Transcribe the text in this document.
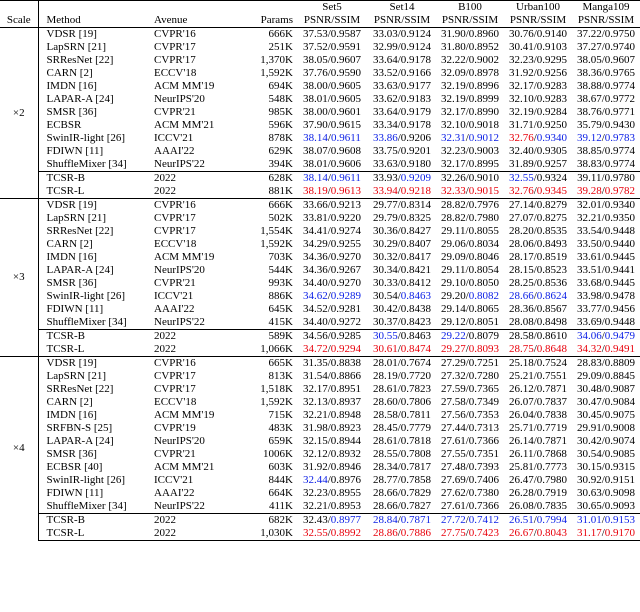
Scale	Method	Avenue	Params	Set5	Set14	B100	Urban100	Manga109
				PSNR/SSIM	PSNR/SSIM	PSNR/SSIM	PSNR/SSIM	PSNR/SSIM
×2	VDSR [19]	CVPR'16	666K	37.53/0.9587	33.03/0.9124	31.90/0.8960	30.76/0.9140	37.22/0.9750
	LapSRN [21]	CVPR'17	251K	37.52/0.9591	32.99/0.9124	31.80/0.8952	30.41/0.9103	37.27/0.9740
	SRResNet [22]	CVPR'17	1,370K	38.05/0.9607	33.64/0.9178	32.22/0.9002	32.23/0.9295	38.05/0.9607
	CARN [2]	ECCV'18	1,592K	37.76/0.9590	33.52/0.9166	32.09/0.8978	31.92/0.9256	38.36/0.9765
	IMDN [16]	ACM MM'19	694K	38.00/0.9605	33.63/0.9177	32.19/0.8996	32.17/0.9283	38.88/0.9774
	LAPAR-A [24]	NeurIPS'20	548K	38.01/0.9605	33.62/0.9183	32.19/0.8999	32.10/0.9283	38.67/0.9772
	SMSR [36]	CVPR'21	985K	38.00/0.9601	33.64/0.9179	32.17/0.8990	32.19/0.9284	38.76/0.9771
	ECBSR	ACM MM'21	596K	37.90/0.9615	33.34/0.9178	32.10/0.9018	31.71/0.9250	35.79/0.9430
	SwinIR-light [26]	ICCV'21	878K	38.14/0.9611	33.86/0.9206	32.31/0.9012	32.76/0.9340	39.12/0.9783
	FDIWN [11]	AAAI'22	629K	38.07/0.9608	33.75/0.9201	32.23/0.9003	32.40/0.9305	38.85/0.9774
	ShuffleMixer [34]	NeurIPS'22	394K	38.01/0.9606	33.63/0.9180	32.17/0.8995	31.89/0.9257	38.83/0.9774
	TCSR-B	2022	628K	38.14/0.9611	33.93/0.9209	32.26/0.9010	32.55/0.9324	39.11/0.9780
	TCSR-L	2022	881K	38.19/0.9613	33.94/0.9218	32.33/0.9015	32.76/0.9345	39.28/0.9782
×3	VDSR [19]	CVPR'16	666K	33.66/0.9213	29.77/0.8314	28.82/0.7976	27.14/0.8279	32.01/0.9340
	LapSRN [21]	CVPR'17	502K	33.81/0.9220	29.79/0.8325	28.82/0.7980	27.07/0.8275	32.21/0.9350
	SRResNet [22]	CVPR'17	1,554K	34.41/0.9274	30.36/0.8427	29.11/0.8055	28.20/0.8535	33.54/0.9448
	CARN [2]	ECCV'18	1,592K	34.29/0.9255	30.29/0.8407	29.06/0.8034	28.06/0.8493	33.50/0.9440
	IMDN [16]	ACM MM'19	703K	34.36/0.9270	30.32/0.8417	29.09/0.8046	28.17/0.8519	33.61/0.9445
	LAPAR-A [24]	NeurIPS'20	544K	34.36/0.9267	30.34/0.8421	29.11/0.8054	28.15/0.8523	33.51/0.9441
	SMSR [36]	CVPR'21	993K	34.40/0.9270	30.33/0.8412	29.10/0.8050	28.25/0.8536	33.68/0.9445
	SwinIR-light [26]	ICCV'21	886K	34.62/0.9289	30.54/0.8463	29.20/0.8082	28.66/0.8624	33.98/0.9478
	FDIWN [11]	AAAI'22	645K	34.52/0.9281	30.42/0.8438	29.14/0.8065	28.36/0.8567	33.77/0.9456
	ShuffleMixer [34]	NeurIPS'22	415K	34.40/0.9272	30.37/0.8423	29.12/0.8051	28.08/0.8498	33.69/0.9448
	TCSR-B	2022	589K	34.56/0.9285	30.55/0.8463	29.22/0.8079	28.58/0.8610	34.06/0.9479
	TCSR-L	2022	1,066K	34.72/0.9294	30.61/0.8474	29.27/0.8093	28.75/0.8648	34.32/0.9491
×4	VDSR [19]	CVPR'16	665K	31.35/0.8838	28.01/0.7674	27.29/0.7251	25.18/0.7524	28.83/0.8809
	LapSRN [21]	CVPR'17	813K	31.54/0.8866	28.19/0.7720	27.32/0.7280	25.21/0.7551	29.09/0.8845
	SRResNet [22]	CVPR'17	1,518K	32.17/0.8951	28.61/0.7823	27.59/0.7365	26.12/0.7871	30.48/0.9087
	CARN [2]	ECCV'18	1,592K	32.13/0.8937	28.60/0.7806	27.58/0.7349	26.07/0.7837	30.47/0.9084
	IMDN [16]	ACM MM'19	715K	32.21/0.8948	28.58/0.7811	27.56/0.7353	26.04/0.7838	30.45/0.9075
	SRFBN-S [25]	CVPR'19	483K	31.98/0.8923	28.45/0.7779	27.44/0.7313	25.71/0.7719	29.91/0.9008
	LAPAR-A [24]	NeurIPS'20	659K	32.15/0.8944	28.61/0.7818	27.61/0.7366	26.14/0.7871	30.42/0.9074
	SMSR [36]	CVPR'21	1006K	32.12/0.8932	28.55/0.7808	27.55/0.7351	26.11/0.7868	30.54/0.9085
	ECBSR [40]	ACM MM'21	603K	31.92/0.8946	28.34/0.7817	27.48/0.7393	25.81/0.7773	30.15/0.9315
	SwinIR-light [26]	ICCV'21	844K	32.44/0.8976	28.77/0.7858	27.69/0.7406	26.47/0.7980	30.92/0.9151
	FDIWN [11]	AAAI'22	664K	32.23/0.8955	28.66/0.7829	27.62/0.7380	26.28/0.7919	30.63/0.9098
	ShuffleMixer [34]	NeurIPS'22	411K	32.21/0.8953	28.66/0.7827	27.61/0.7366	26.08/0.7835	30.65/0.9093
	TCSR-B	2022	682K	32.43/0.8977	28.84/0.7871	27.72/0.7412	26.51/0.7994	31.01/0.9153
	TCSR-L	2022	1,030K	32.55/0.8992	28.86/0.7886	27.75/0.7423	26.67/0.8043	31.17/0.9170
